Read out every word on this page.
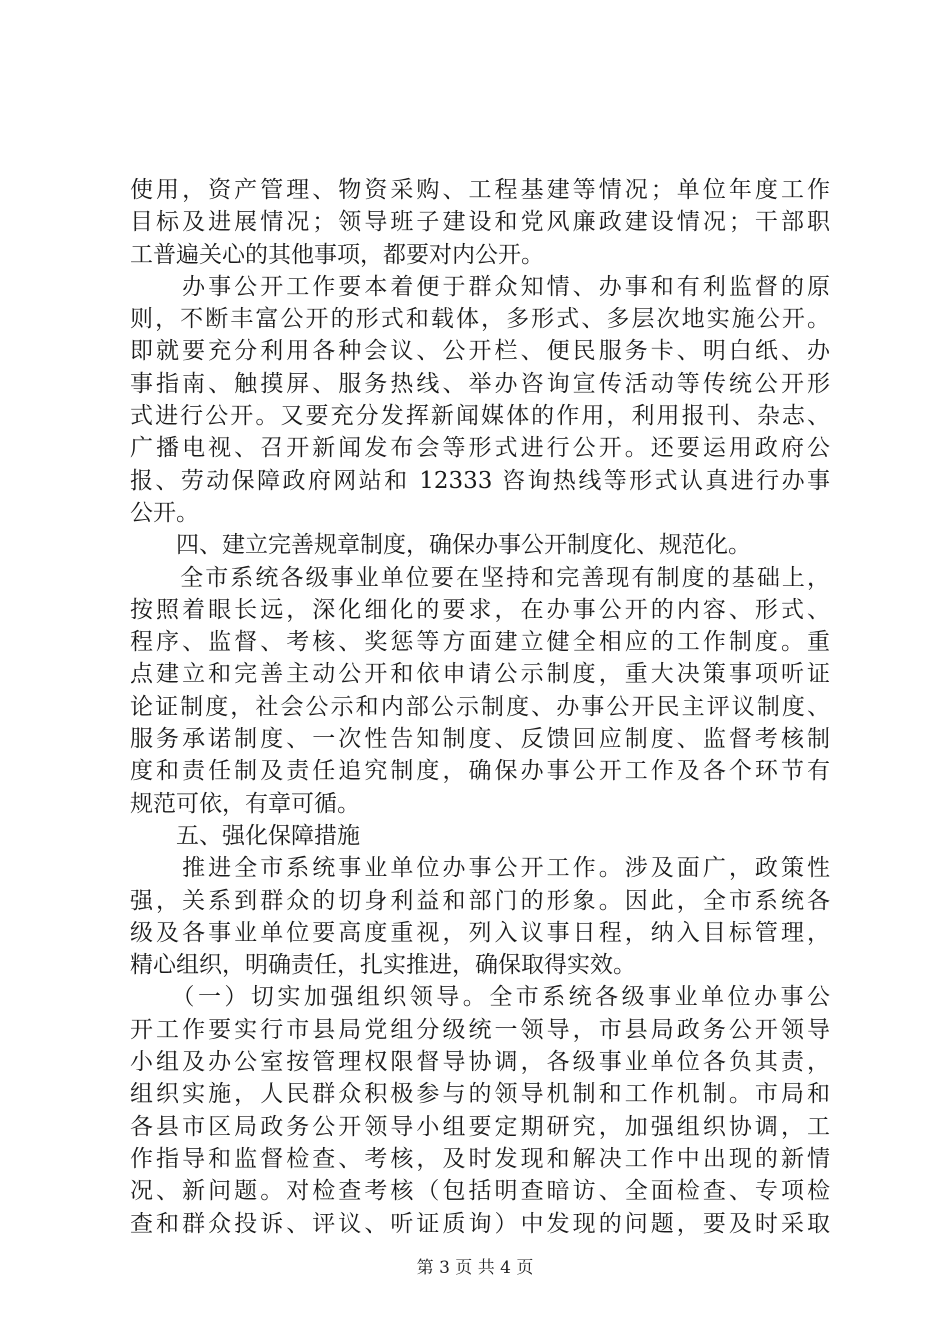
使用，资产管理、物资采购、工程基建等情况；单位年度工作
目标及进展情况；领导班子建设和党风廉政建设情况；干部职
工普遍关心的其他事项，都要对内公开。
　　办事公开工作要本着便于群众知情、办事和有利监督的原
则，不断丰富公开的形式和载体，多形式、多层次地实施公开。
即就要充分利用各种会议、公开栏、便民服务卡、明白纸、办
事指南、触摸屏、服务热线、举办咨询宣传活动等传统公开形
式进行公开。又要充分发挥新闻媒体的作用，利用报刊、杂志、
广播电视、召开新闻发布会等形式进行公开。还要运用政府公
报、劳动保障政府网站和 12333 咨询热线等形式认真进行办事
公开。
　　四、建立完善规章制度，确保办事公开制度化、规范化。
　　全市系统各级事业单位要在坚持和完善现有制度的基础上，
按照着眼长远，深化细化的要求，在办事公开的内容、形式、
程序、监督、考核、奖惩等方面建立健全相应的工作制度。重
点建立和完善主动公开和依申请公示制度，重大决策事项听证
论证制度，社会公示和内部公示制度、办事公开民主评议制度、
服务承诺制度、一次性告知制度、反馈回应制度、监督考核制
度和责任制及责任追究制度，确保办事公开工作及各个环节有
规范可依，有章可循。
　　五、强化保障措施
　　推进全市系统事业单位办事公开工作。涉及面广，政策性
强，关系到群众的切身利益和部门的形象。因此，全市系统各
级及各事业单位要高度重视，列入议事日程，纳入目标管理，
精心组织，明确责任，扎实推进，确保取得实效。
　　（一）切实加强组织领导。全市系统各级事业单位办事公
开工作要实行市县局党组分级统一领导，市县局政务公开领导
小组及办公室按管理权限督导协调，各级事业单位各负其责，
组织实施，人民群众积极参与的领导机制和工作机制。市局和
各县市区局政务公开领导小组要定期研究，加强组织协调，工
作指导和监督检查、考核，及时发现和解决工作中出现的新情
况、新问题。对检查考核（包括明查暗访、全面检查、专项检
查和群众投诉、评议、听证质询）中发现的问题，要及时采取
第 3 页 共 4 页
